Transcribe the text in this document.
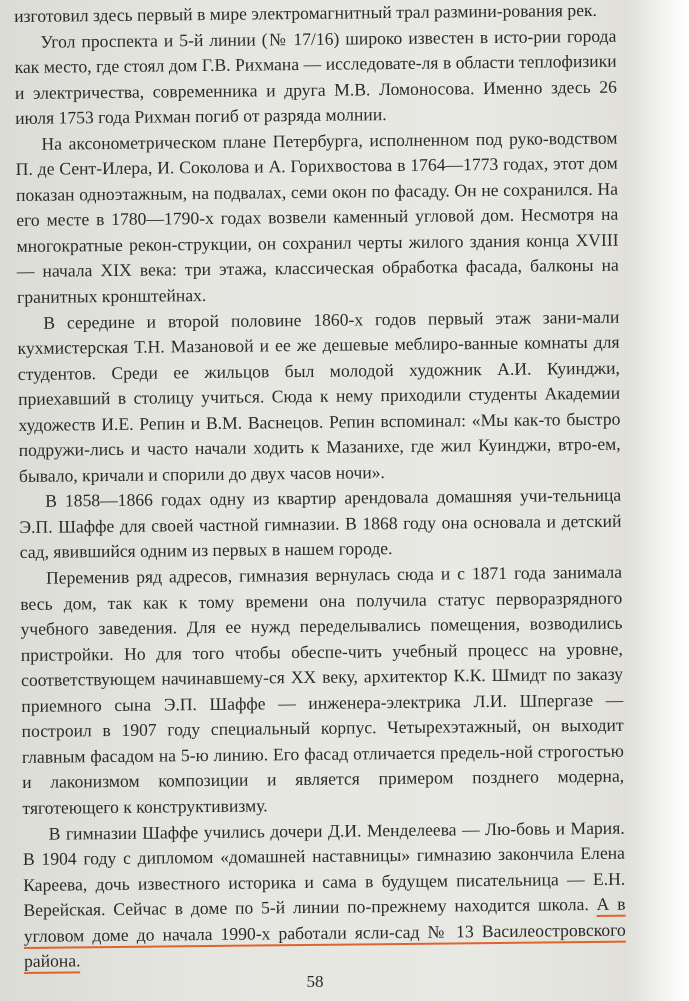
изготовил здесь первый в мире электромагнитный трал размини-рования рек.

Угол проспекта и 5-й линии (№ 17/16) широко известен в исто-рии города как место, где стоял дом Г.В. Рихмана — исследовате-ля в области теплофизики и электричества, современника и друга М.В. Ломоносова. Именно здесь 26 июля 1753 года Рихман погиб от разряда молнии.

На аксонометрическом плане Петербурга, исполненном под руко-водством П. де Сент-Илера, И. Соколова и А. Горихвостова в 1764—1773 годах, этот дом показан одноэтажным, на подвалах, семи окон по фасаду. Он не сохранился. На его месте в 1780—1790-х годах возвели каменный угловой дом. Несмотря на многократные рекон-струкции, он сохранил черты жилого здания конца XVIII — начала XIX века: три этажа, классическая обработка фасада, балконы на гранитных кронштейнах.

В середине и второй половине 1860-х годов первый этаж зани-мали кухмистерская Т.Н. Мазановой и ее же дешевые меблиро-ванные комнаты для студентов. Среди ее жильцов был молодой художник А.И. Куинджи, приехавший в столицу учиться. Сюда к нему приходили студенты Академии художеств И.Е. Репин и В.М. Васнецов. Репин вспоминал: «Мы как-то быстро подружи-лись и часто начали ходить к Мазанихе, где жил Куинджи, втро-ем, бывало, кричали и спорили до двух часов ночи».

В 1858—1866 годах одну из квартир арендовала домашняя учи-тельница Э.П. Шаффе для своей частной гимназии. В 1868 году она основала и детский сад, явившийся одним из первых в нашем городе.

Переменив ряд адресов, гимназия вернулась сюда и с 1871 года занимала весь дом, так как к тому времени она получила статус перворазрядного учебного заведения. Для ее нужд переделывались помещения, возводились пристройки. Но для того чтобы обеспе-чить учебный процесс на уровне, соответствующем начинавшему-ся XX веку, архитектор К.К. Шмидт по заказу приемного сына Э.П. Шаффе — инженера-электрика Л.И. Шпергазе — построил в 1907 году специальный корпус. Четырехэтажный, он выходит главным фасадом на 5-ю линию. Его фасад отличается предель-ной строгостью и лаконизмом композиции и является примером позднего модерна, тяготеющего к конструктивизму.

В гимназии Шаффе учились дочери Д.И. Менделеева — Лю-бовь и Мария. В 1904 году с дипломом «домашней наставницы» гимназию закончила Елена Кареева, дочь известного историка и сама в будущем писательница — Е.Н. Верейская. Сейчас в доме по 5-й линии по-прежнему находится школа. А в угловом доме до начала 1990-х работали ясли-сад № 13 Василеостровского района.

58
